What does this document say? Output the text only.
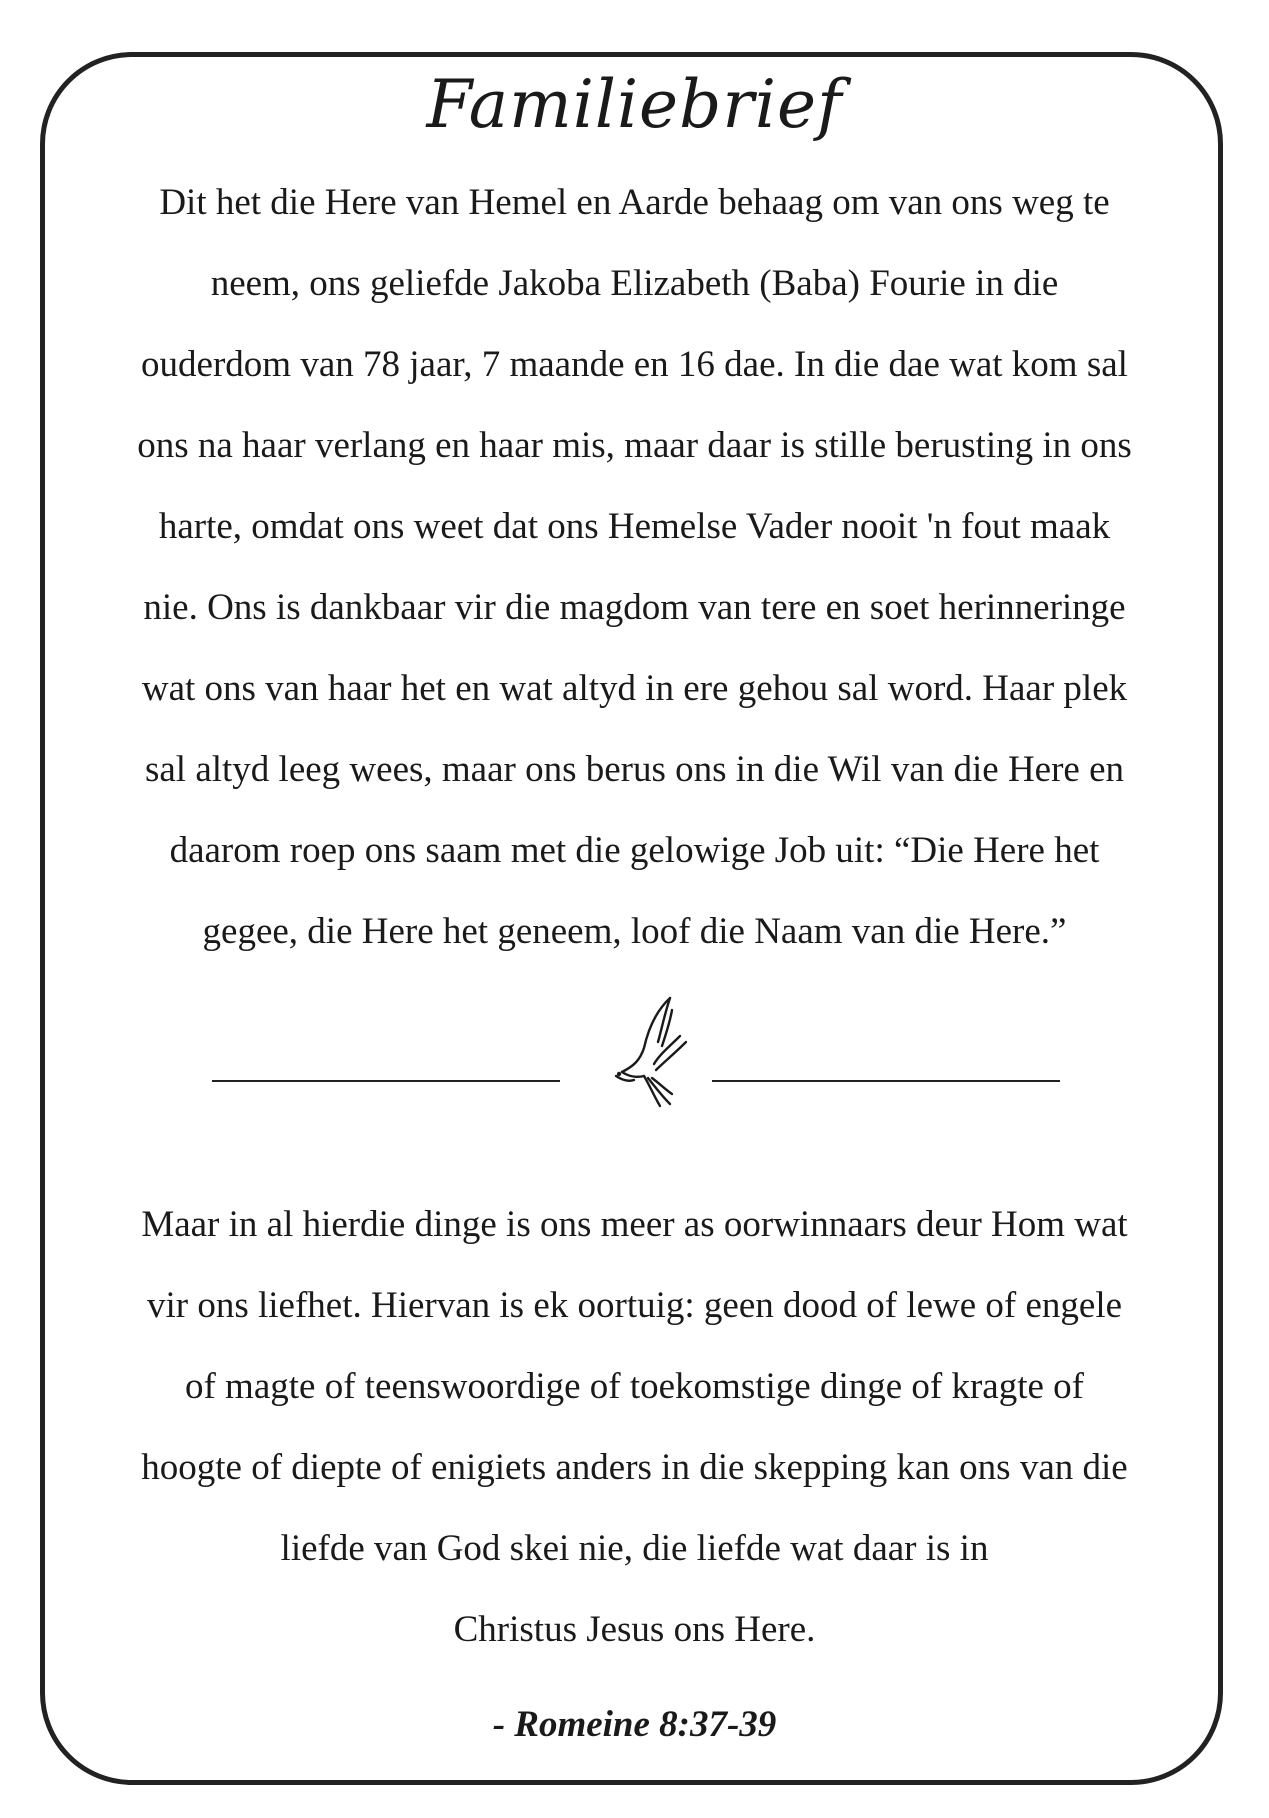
Familiebrief

Dit het die Here van Hemel en Aarde behaag om van ons weg te
neem, ons geliefde Jakoba Elizabeth (Baba) Fourie in die
ouderdom van 78 jaar, 7 maande en 16 dae. In die dae wat kom sal
ons na haar verlang en haar mis, maar daar is stille berusting in ons
harte, omdat ons weet dat ons Hemelse Vader nooit 'n fout maak
nie. Ons is dankbaar vir die magdom van tere en soet herinneringe
wat ons van haar het en wat altyd in ere gehou sal word. Haar plek
sal altyd leeg wees, maar ons berus ons in die Wil van die Here en
daarom roep ons saam met die gelowige Job uit: “Die Here het
gegee, die Here het geneem, loof die Naam van die Here.”

Maar in al hierdie dinge is ons meer as oorwinnaars deur Hom wat
vir ons liefhet. Hiervan is ek oortuig: geen dood of lewe of engele
of magte of teenswoordige of toekomstige dinge of kragte of
hoogte of diepte of enigiets anders in die skepping kan ons van die
liefde van God skei nie, die liefde wat daar is in
Christus Jesus ons Here.

- Romeine 8:37-39
